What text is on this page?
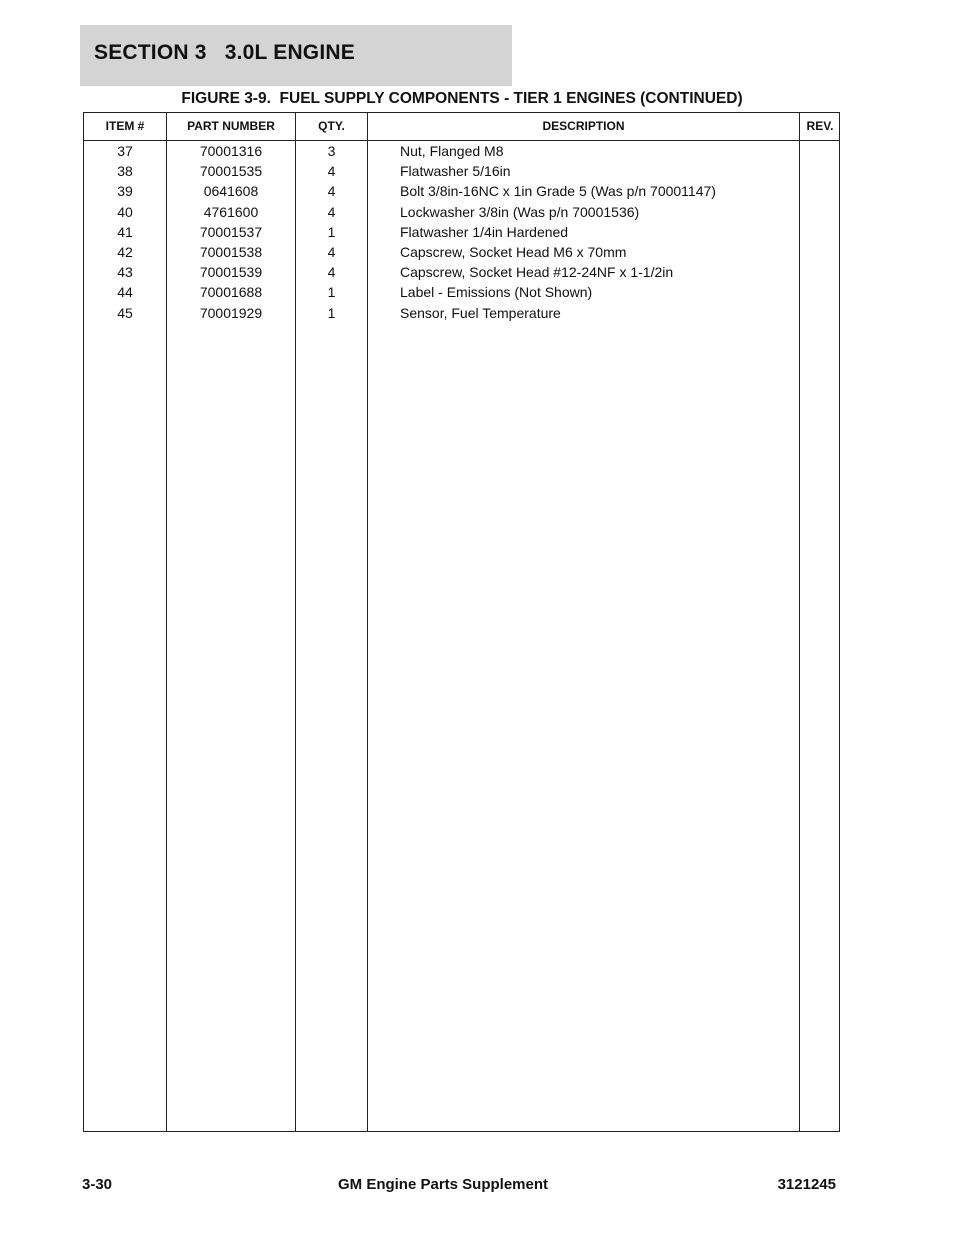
SECTION 3   3.0L ENGINE
FIGURE 3-9.  FUEL SUPPLY COMPONENTS - TIER 1 ENGINES (CONTINUED)
ITEM #	PART NUMBER	QTY.	DESCRIPTION	REV.
37	70001316	3	Nut, Flanged M8
38	70001535	4	Flatwasher 5/16in
39	0641608	4	Bolt 3/8in-16NC x 1in Grade 5 (Was p/n 70001147)
40	4761600	4	Lockwasher 3/8in (Was p/n 70001536)
41	70001537	1	Flatwasher 1/4in Hardened
42	70001538	4	Capscrew, Socket Head M6 x 70mm
43	70001539	4	Capscrew, Socket Head #12-24NF x 1-1/2in
44	70001688	1	Label - Emissions (Not Shown)
45	70001929	1	Sensor, Fuel Temperature
3-30	GM Engine Parts Supplement	3121245
